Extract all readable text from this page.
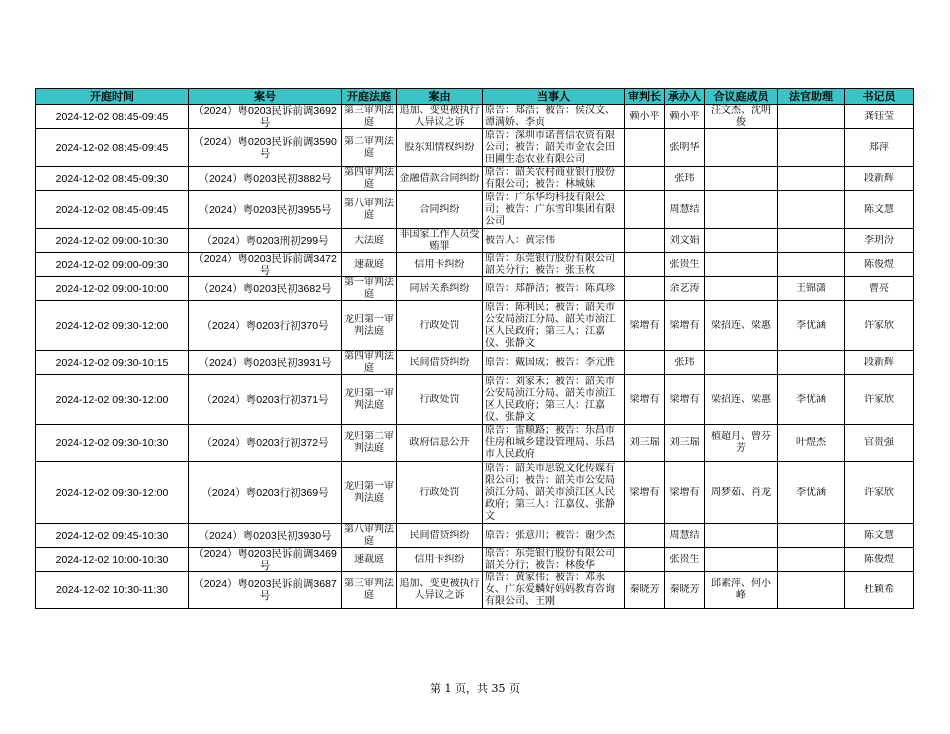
开庭时间	案号	开庭法庭	案由	当事人	审判长	承办人	合议庭成员	法官助理	书记员

2024-12-02 08:45-09:45	（2024）粤0203民诉前调3692号	第三审判法庭	追加、变更被执行人异议之诉	原告：郑浩；被告：侯汉文、谭满娇、李贞	赖小平	赖小平	汪文杰、沈明俊		龚钰莹

2024-12-02 08:45-09:45	（2024）粤0203民诉前调3590号	第二审判法庭	股东知情权纠纷	原告：深圳市诺普信农资有限公司；被告：韶关市金农会田田圃生态农业有限公司		张明华			郑萍

2024-12-02 08:45-09:30	（2024）粤0203民初3882号	第四审判法庭	金融借款合同纠纷	原告：韶关农村商业银行股份有限公司；被告：林城妹		张玮			段新辉

2024-12-02 08:45-09:45	（2024）粤0203民初3955号	第八审判法庭	合同纠纷	原告：广东华均科技有限公司；被告：广东雪印集团有限公司		周慧结			陈文慧

2024-12-02 09:00-10:30	（2024）粤0203刑初299号	大法庭	非国家工作人员受贿罪	被告人：黄宗伟		刘文娟			李玥汾

2024-12-02 09:00-09:30	（2024）粤0203民诉前调3472号	速裁庭	信用卡纠纷	原告：东莞银行股份有限公司韶关分行；被告：张玉枚		张贵生			陈俊煜

2024-12-02 09:00-10:00	（2024）粤0203民初3682号	第一审判法庭	同居关系纠纷	原告：郑静洁；被告：陈真珍		余艺涛		王锦潇	曹亮

2024-12-02 09:30-12:00	（2024）粤0203行初370号	龙归第一审判法庭	行政处罚	原告：陈利民；被告：韶关市公安局浈江分局、韶关市浈江区人民政府；第三人：江嘉仪、张静文	梁增有	梁增有	梁招连、梁惠	李优涵	许家欣

2024-12-02 09:30-10:15	（2024）粤0203民初3931号	第四审判法庭	民间借贷纠纷	原告：戴国成；被告：李元胜		张玮			段新辉

2024-12-02 09:30-12:00	（2024）粤0203行初371号	龙归第一审判法庭	行政处罚	原告：刘家禾；被告：韶关市公安局浈江分局、韶关市浈江区人民政府；第三人：江嘉仪、张静文	梁增有	梁增有	梁招连、梁惠	李优涵	许家欣

2024-12-02 09:30-10:30	（2024）粤0203行初372号	龙归第二审判法庭	政府信息公开	原告：雷顺路；被告：乐昌市住房和城乡建设管理局、乐昌市人民政府	刘三瑞	刘三瑞	植超月、曾芬芳	叶煜杰	官贵强

2024-12-02 09:30-12:00	（2024）粤0203行初369号	龙归第一审判法庭	行政处罚	原告：韶关市思锐文化传媒有限公司；被告：韶关市公安局浈江分局、韶关市浈江区人民政府；第三人：江嘉仪、张静文	梁增有	梁增有	周梦茹、肖龙	李优涵	许家欣

2024-12-02 09:45-10:30	（2024）粤0203民初3930号	第八审判法庭	民间借贷纠纷	原告：张意川；被告：谢少杰		周慧结			陈文慧

2024-12-02 10:00-10:30	（2024）粤0203民诉前调3469号	速裁庭	信用卡纠纷	原告：东莞银行股份有限公司韶关分行；被告：林俊华		张贵生			陈俊煜

2024-12-02 10:30-11:30	（2024）粤0203民诉前调3687号	第三审判法庭	追加、变更被执行人异议之诉	原告：黄家伟；被告：邓永女、广东爱麟好妈妈教育咨询有限公司、王刚	秦晓芳	秦晓芳	邱素萍、何小峰		杜颖希
第 1 页，共 35 页
